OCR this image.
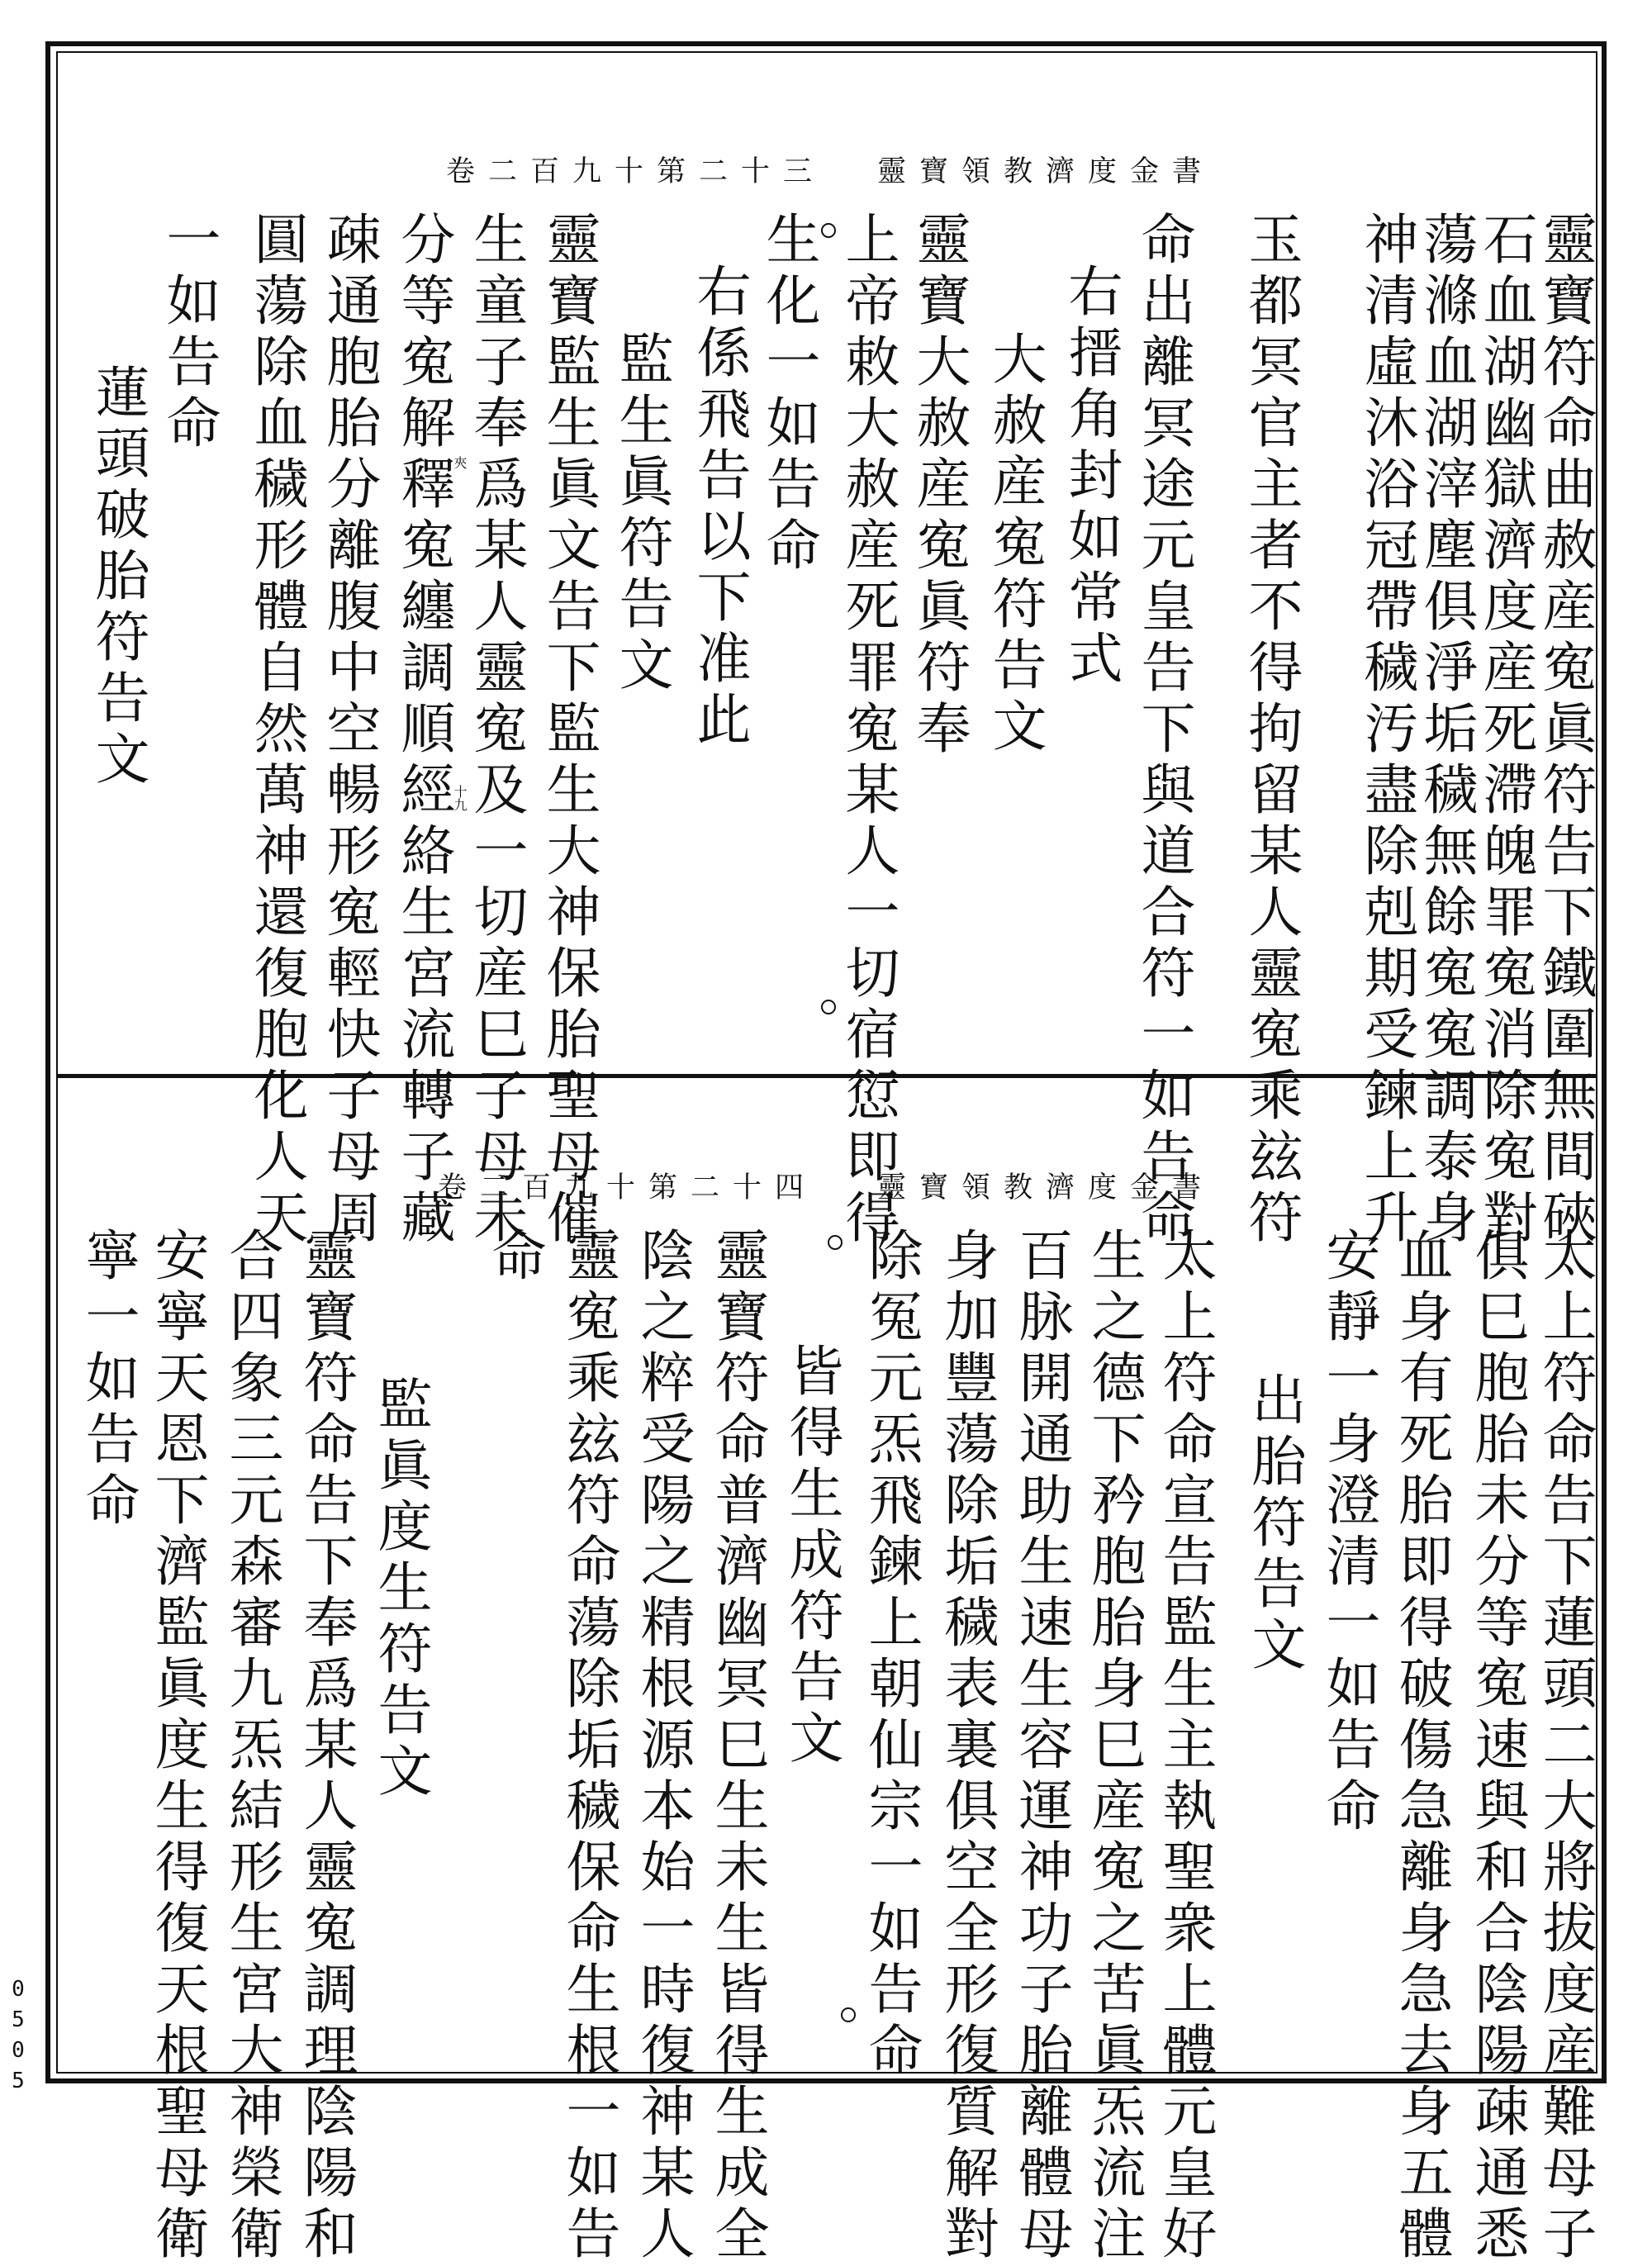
0505
靈寶領教濟度金書
卷二百九十第二十三
靈寶符命曲赦産寃眞符告下鐵圍無間硤
石血湖幽獄濟度産死滯魄罪寃消除寃對
蕩滌血湖滓塵俱淨垢穢無餘寃寃調泰身
神清虛沐浴冠帶穢汚盡除剋期受鍊上升
玉都冥官主者不得拘留某人靈寃乘玆符
命出離冥途元皇告下與道合符一如告命
右搢角封如常式
大赦産寃符告文
靈寶大赦産寃眞符奉
上帝敕大赦産死罪寃某人一切宿愆即得
生化一如告命
右係飛告以下准此
監生眞符告文
靈寶監生眞文告下監生大神保胎聖母催
生童子奉爲某人靈寃及一切産巳子母未
分等寃解釋寃纏調順經絡生宮流轉子藏
疎通胞胎分離腹中空暢形寃輕快子母周
圓蕩除血穢形體自然萬神還復胞化人天
一如告命
蓮頭破胎符告文	夾
十九
靈寶領教濟度金書
卷二百九十第二十四
太上符命告下蓮頭二大將拔度産難母子
俱巳胞胎未分等寃速與和合陰陽疎通悉
血身有死胎即得破傷急離身急去身五體
安靜一身澄清一如告命
出胎符告文
太上符命宣告監生主執聖衆上體元皇好
生之德下矜胞胎身巳産寃之苦眞炁流注
百脉開通助生速生容運神功子胎離體母
身加豐蕩除垢穢表裏俱空全形復質解對
除冤元炁飛鍊上朝仙宗一如告命
皆得生成符告文
靈寶符命普濟幽冥巳生未生皆得生成全
陰之粹受陽之精根源本始一時復神某人
靈寃乘玆符命蕩除垢穢保命生根一如告
命
監眞度生符告文
靈寶符命告下奉爲某人靈寃調理陰陽和
合四象三元森審九炁結形生宮大神榮衛
安寧天恩下濟監眞度生得復天根聖母衛
寧一如告命
